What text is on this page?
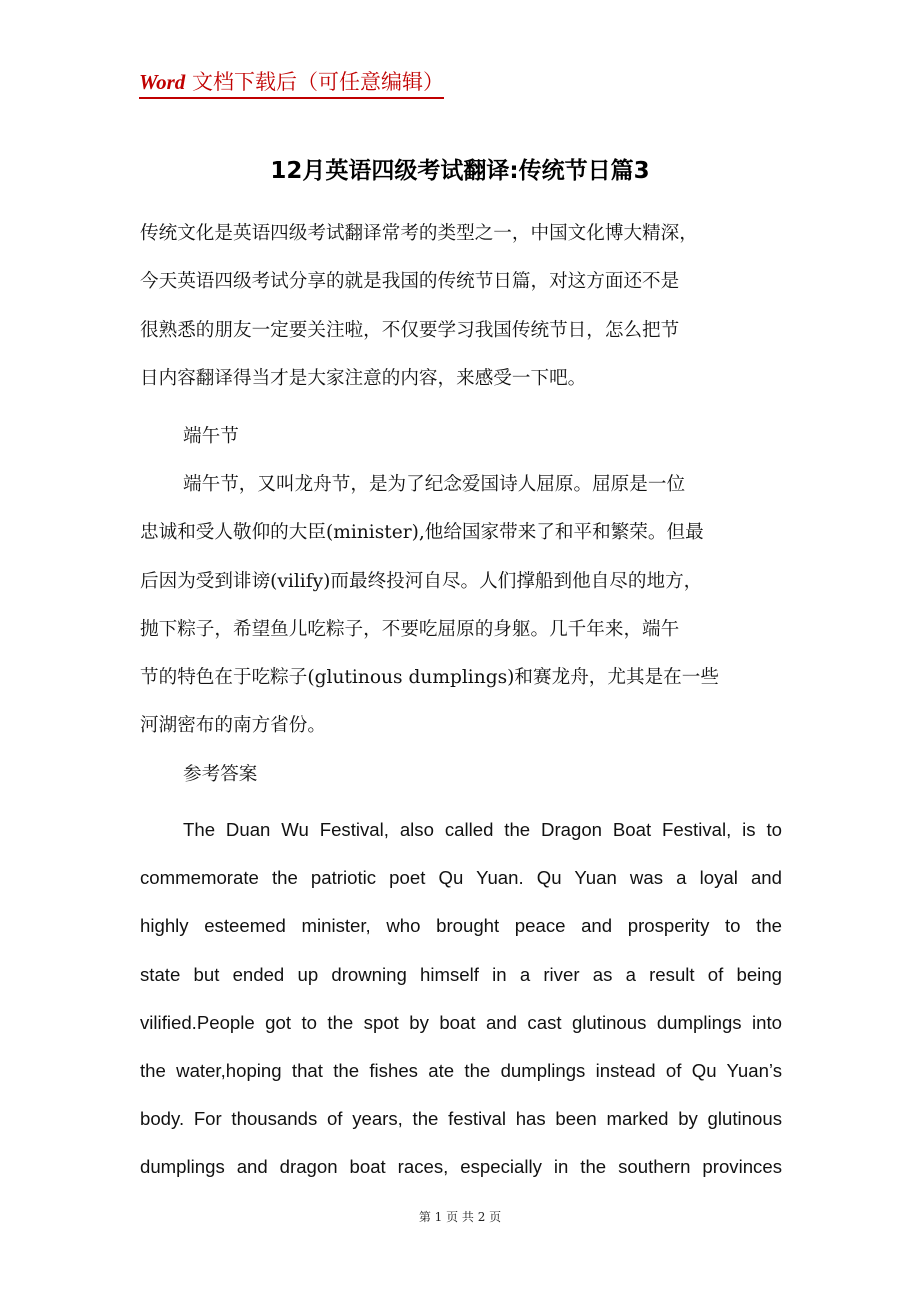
Word 文档下载后（可任意编辑）
12月英语四级考试翻译:传统节日篇3
传统文化是英语四级考试翻译常考的类型之一，中国文化博大精深，
今天英语四级考试分享的就是我国的传统节日篇，对这方面还不是
很熟悉的朋友一定要关注啦，不仅要学习我国传统节日，怎么把节
日内容翻译得当才是大家注意的内容，来感受一下吧。
端午节
端午节，又叫龙舟节，是为了纪念爱国诗人屈原。屈原是一位
忠诚和受人敬仰的大臣(minister),他给国家带来了和平和繁荣。但最
后因为受到诽谤(vilify)而最终投河自尽。人们撑船到他自尽的地方，
抛下粽子，希望鱼儿吃粽子，不要吃屈原的身躯。几千年来，端午
节的特色在于吃粽子(glutinous dumplings)和赛龙舟，尤其是在一些
河湖密布的南方省份。
参考答案
The Duan Wu Festival, also called the Dragon Boat Festival, is to
commemorate the patriotic poet Qu Yuan. Qu Yuan was a loyal and
highly esteemed minister, who brought peace and prosperity to the
state but ended up drowning himself in a river as a result of being
vilified.People got to the spot by boat and cast glutinous dumplings into
the water,hoping that the fishes ate the dumplings instead of Qu Yuan’s
body. For thousands of years, the festival has been marked by glutinous
dumplings and dragon boat races, especially in the southern provinces
第 1 页 共 2 页
